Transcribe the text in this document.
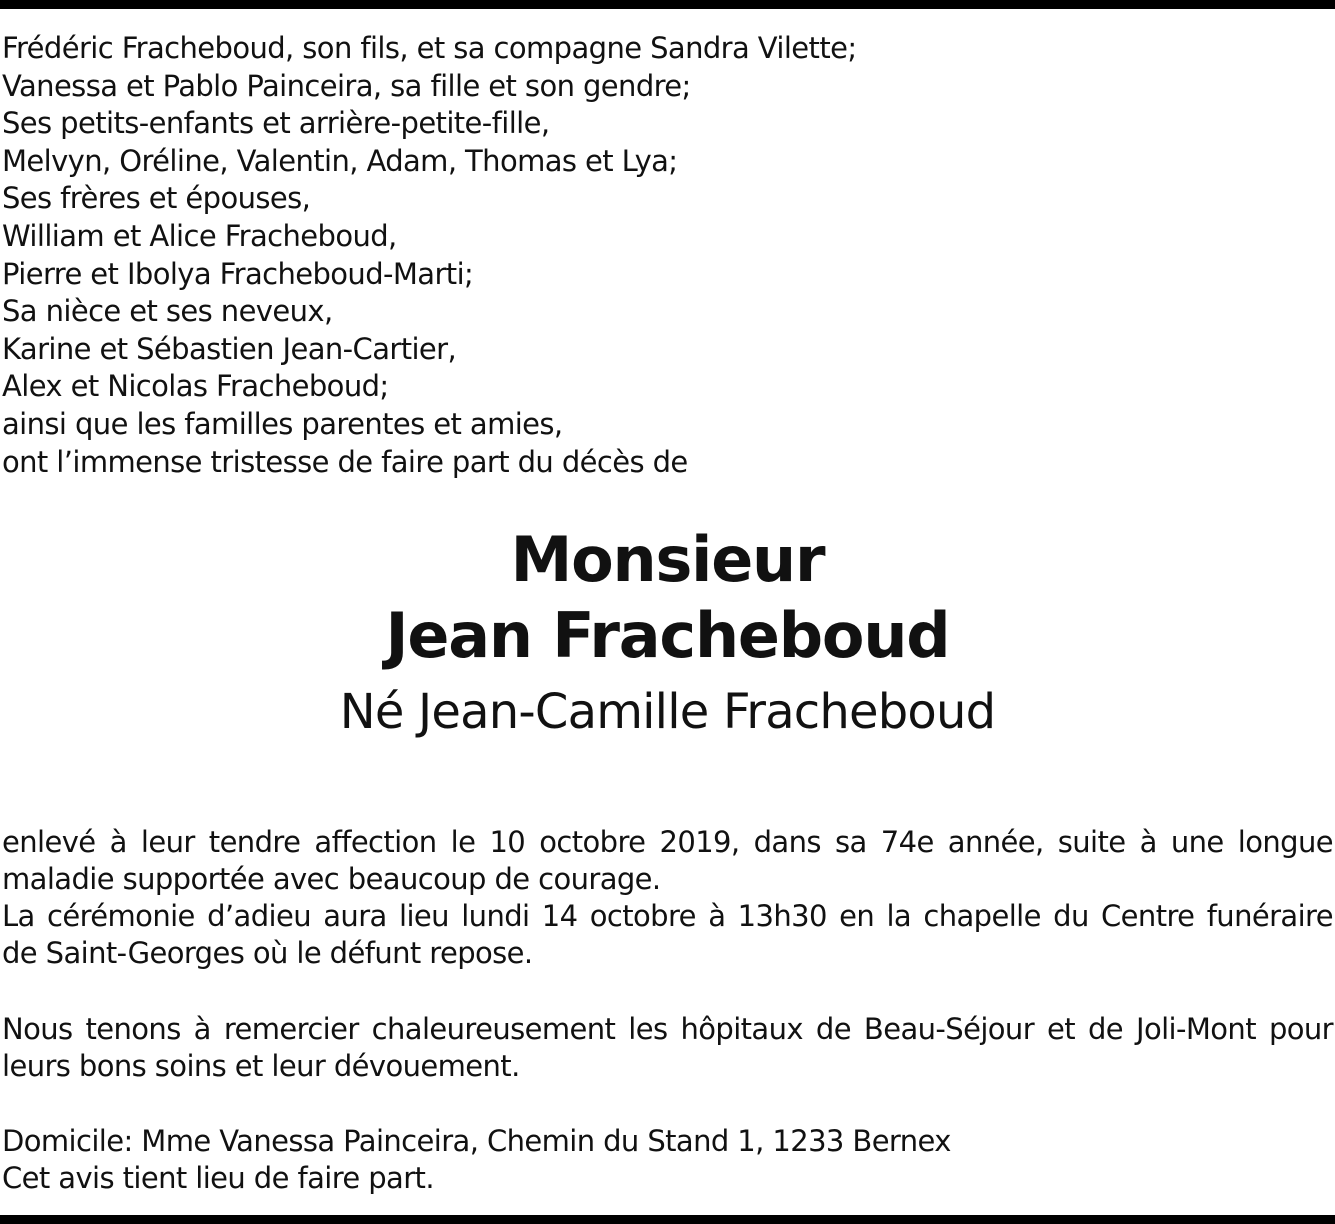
Frédéric Fracheboud, son fils, et sa compagne Sandra Vilette;
Vanessa et Pablo Painceira, sa fille et son gendre;
Ses petits-enfants et arrière-petite-fille,
Melvyn, Oréline, Valentin, Adam, Thomas et Lya;
Ses frères et épouses,
William et Alice Fracheboud,
Pierre et Ibolya Fracheboud-Marti;
Sa nièce et ses neveux,
Karine et Sébastien Jean-Cartier,
Alex et Nicolas Fracheboud;
ainsi que les familles parentes et amies,
ont l’immense tristesse de faire part du décès de
Monsieur
Jean Fracheboud
Né Jean-Camille Fracheboud
enlevé à leur tendre affection le 10 octobre 2019, dans sa 74e année, suite à une longue
maladie supportée avec beaucoup de courage.
La cérémonie d’adieu aura lieu lundi 14 octobre à 13h30 en la chapelle du Centre funéraire
de Saint-Georges où le défunt repose.
Nous tenons à remercier chaleureusement les hôpitaux de Beau-Séjour et de Joli-Mont pour
leurs bons soins et leur dévouement.
Domicile: Mme Vanessa Painceira, Chemin du Stand 1, 1233 Bernex
Cet avis tient lieu de faire part.
